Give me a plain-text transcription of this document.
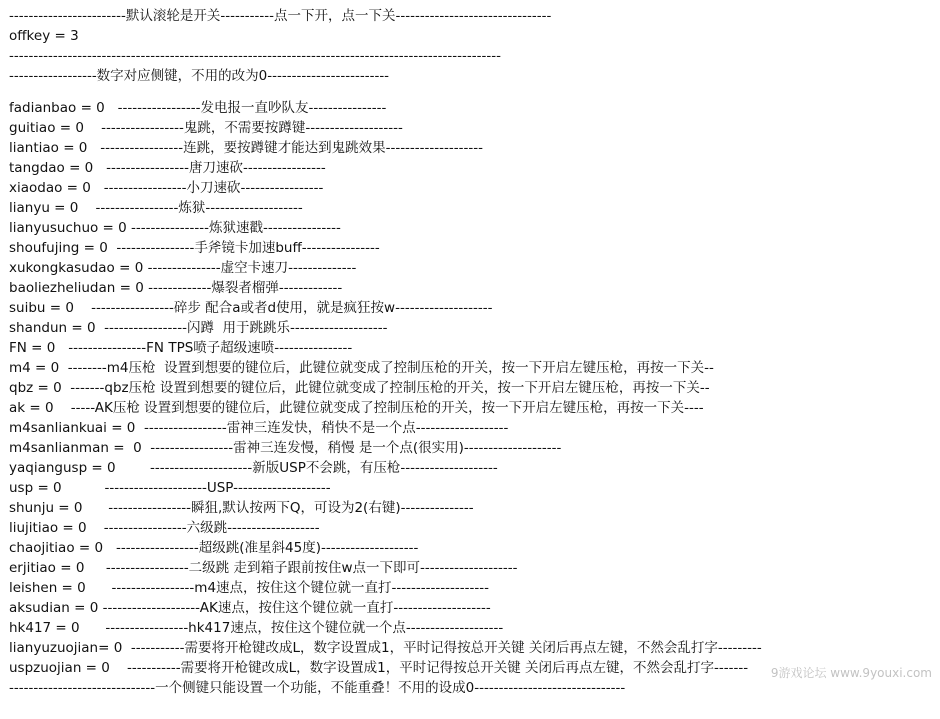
------------------------默认滚轮是开关-----------点一下开，点一下关--------------------------------
offkey = 3
-----------------------------------------------------------------------------------------------------
------------------数字对应侧键，不用的改为0-------------------------
fadianbao = 0   -----------------发电报一直吵队友----------------
guitiao = 0    -----------------鬼跳，不需要按蹲键--------------------
liantiao = 0   -----------------连跳，要按蹲键才能达到鬼跳效果--------------------
tangdao = 0   -----------------唐刀速砍-----------------
xiaodao = 0   -----------------小刀速砍-----------------
lianyu = 0    -----------------炼狱--------------------
lianyusuchuo = 0 ----------------炼狱速戳----------------
shoufujing = 0  ----------------手斧镜卡加速buff----------------
xukongkasudao = 0 ---------------虚空卡速刀--------------
baoliezheliudan = 0 -------------爆裂者榴弹-------------
suibu = 0    -----------------碎步 配合a或者d使用，就是疯狂按w--------------------
shandun = 0  -----------------闪蹲  用于跳跳乐--------------------
FN = 0   ----------------FN TPS喷子超级速喷----------------
m4 = 0  --------m4压枪  设置到想要的键位后，此键位就变成了控制压枪的开关，按一下开启左键压枪，再按一下关--
qbz = 0  -------qbz压枪 设置到想要的键位后，此键位就变成了控制压枪的开关，按一下开启左键压枪，再按一下关--
ak = 0    -----AK压枪 设置到想要的键位后，此键位就变成了控制压枪的开关，按一下开启左键压枪，再按一下关----
m4sanliankuai = 0  -----------------雷神三连发快，稍快不是一个点-------------------
m4sanlianman =  0  -----------------雷神三连发慢，稍慢 是一个点(很实用)--------------------
yaqiangusp = 0        ---------------------新版USP不会跳，有压枪--------------------
usp = 0          ---------------------USP--------------------
shunju = 0      -----------------瞬狙,默认按两下Q，可设为2(右键)---------------
liujitiao = 0    -----------------六级跳-------------------
chaojitiao = 0   -----------------超级跳(准星斜45度)--------------------
erjitiao = 0     -----------------二级跳 走到箱子跟前按住w点一下即可--------------------
leishen = 0      -----------------m4速点，按住这个键位就一直打--------------------
aksudian = 0 --------------------AK速点，按住这个键位就一直打--------------------
hk417 = 0      -----------------hk417速点，按住这个键位就一个点--------------------
lianyuzuojian= 0  -----------需要将开枪键改成L，数字设置成1，平时记得按总开关键 关闭后再点左键，不然会乱打字---------
uspzuojian = 0    -----------需要将开枪键改成L，数字设置成1，平时记得按总开关键 关闭后再点左键，不然会乱打字-------
------------------------------一个侧键只能设置一个功能，不能重叠！不用的设成0-------------------------------
9游戏论坛 www.9youxi.com
